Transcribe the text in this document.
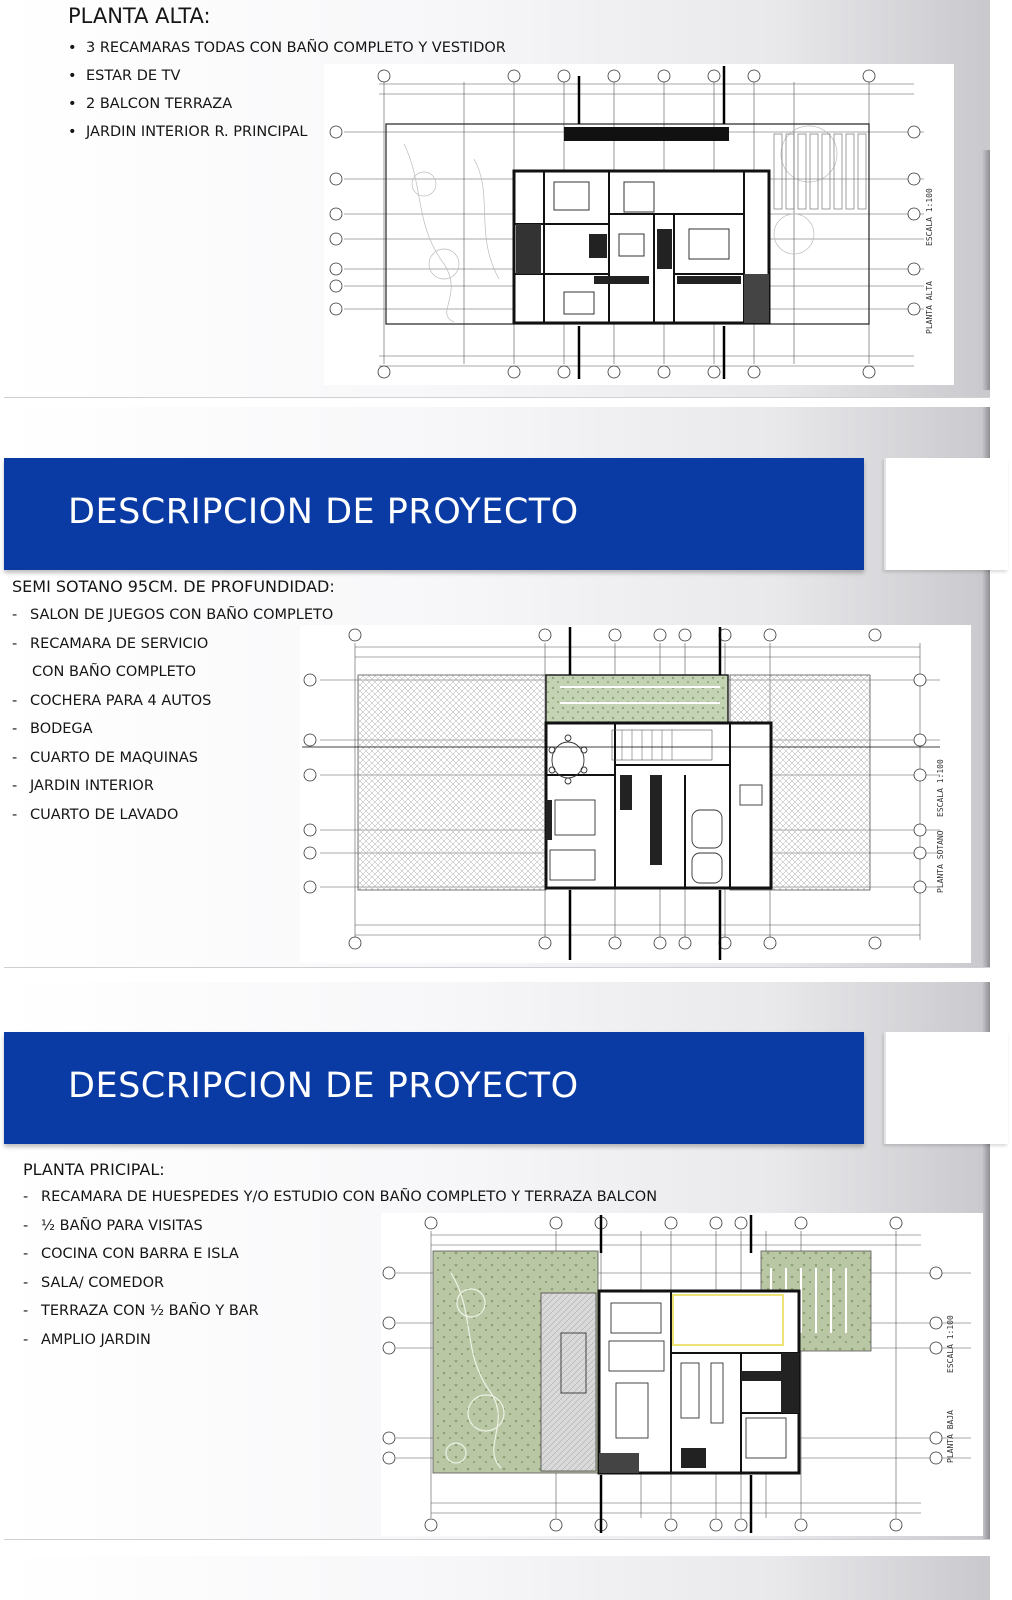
PLANTA ALTA:
• 3 RECAMARAS TODAS CON BAÑO COMPLETO Y VESTIDOR
• ESTAR DE TV
• 2 BALCON TERRAZA
• JARDIN INTERIOR R. PRINCIPAL
PLANTA ALTA
ESCALA 1:100
DESCRIPCION DE PROYECTO
SEMI SOTANO 95CM. DE PROFUNDIDAD:
- SALON DE JUEGOS CON BAÑO COMPLETO
- RECAMARA DE SERVICIO
CON BAÑO COMPLETO
- COCHERA PARA 4 AUTOS
- BODEGA
- CUARTO DE MAQUINAS
- JARDIN INTERIOR
- CUARTO DE LAVADO
PLANTA SOTANO
ESCALA 1:100
DESCRIPCION DE PROYECTO
PLANTA PRICIPAL:
- RECAMARA DE HUESPEDES Y/O ESTUDIO CON BAÑO COMPLETO Y TERRAZA BALCON
- ½ BAÑO PARA VISITAS
- COCINA CON BARRA E ISLA
- SALA/ COMEDOR
- TERRAZA CON ½ BAÑO Y BAR
- AMPLIO JARDIN
PLANTA BAJA
ESCALA 1:100
